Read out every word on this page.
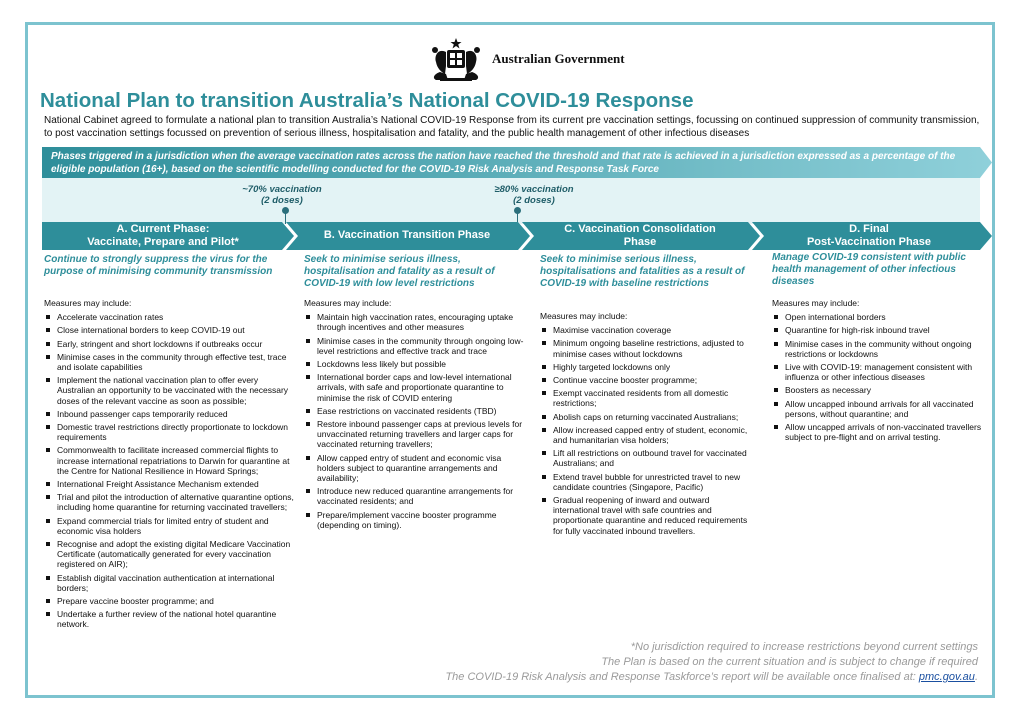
Australian Government
National Plan to transition Australia’s National COVID-19 Response
National Cabinet agreed to formulate a national plan to transition Australia’s National COVID-19 Response from its current pre vaccination settings, focussing on continued suppression of community transmission, to post vaccination settings focussed on prevention of serious illness, hospitalisation and fatality, and the public health management of other infectious diseases
Phases triggered in a jurisdiction when the average vaccination rates across the nation have reached the threshold and that rate is achieved in a jurisdiction expressed as a percentage of the eligible population (16+), based on the scientific modelling conducted for the COVID-19 Risk Analysis and Response Task Force
~70% vaccination
(2 doses)
≥80% vaccination
(2 doses)
A. Current Phase:
Vaccinate, Prepare and Pilot*
B. Vaccination Transition Phase	C. Vaccination Consolidation
Phase
D. Final
Post-Vaccination Phase
Continue to strongly suppress the virus for the purpose of minimising community transmission
Seek to minimise serious illness, hospitalisation and fatality as a result of COVID-19 with low level restrictions
Seek to minimise serious illness, hospitalisations and fatalities as a result of COVID-19 with baseline restrictions
Manage COVID-19 consistent with public health management of other infectious diseases
Measures may include:
Accelerate vaccination rates
Close international borders to keep COVID-19 out
Early, stringent and short lockdowns if outbreaks occur
Minimise cases in the community through effective test, trace and isolate capabilities
Implement the national vaccination plan to offer every Australian an opportunity to be vaccinated with the necessary doses of the relevant vaccine as soon as possible;
Inbound passenger caps temporarily reduced
Domestic travel restrictions directly proportionate to lockdown requirements
Commonwealth to facilitate increased commercial flights to increase international repatriations to Darwin for quarantine at the Centre for National Resilience in Howard Springs;
International Freight Assistance Mechanism extended
Trial and pilot the introduction of alternative quarantine options, including home quarantine for returning vaccinated travellers;
Expand commercial trials for limited entry of student and economic visa holders
Recognise and adopt the existing digital Medicare Vaccination Certificate (automatically generated for every vaccination registered on AIR);
Establish digital vaccination authentication at international borders;
Prepare vaccine booster programme; and
Undertake a further review of the national hotel quarantine network.
Measures may include:
Maintain high vaccination rates, encouraging uptake through incentives and other measures
Minimise cases in the community through ongoing low-level restrictions and effective track and trace
Lockdowns less likely but possible
International border caps and low-level international arrivals, with safe and proportionate quarantine to minimise the risk of COVID entering
Ease restrictions on vaccinated residents (TBD)
Restore inbound passenger caps at previous levels for unvaccinated returning travellers and larger caps for vaccinated returning travellers;
Allow capped entry of student and economic visa holders subject to quarantine arrangements and availability;
Introduce new reduced quarantine arrangements for vaccinated residents; and
Prepare/implement vaccine booster programme (depending on timing).
Measures may include:
Maximise vaccination coverage
Minimum ongoing baseline restrictions, adjusted to minimise cases without lockdowns
Highly targeted lockdowns only
Continue vaccine booster programme;
Exempt vaccinated residents from all domestic restrictions;
Abolish caps on returning vaccinated Australians;
Allow increased capped entry of student, economic, and humanitarian visa holders;
Lift all restrictions on outbound travel for vaccinated Australians; and
Extend travel bubble for unrestricted travel to new candidate countries (Singapore, Pacific)
Gradual reopening of inward and outward international travel with safe countries and proportionate quarantine and reduced requirements for fully vaccinated inbound travellers.
Measures may include:
Open international borders
Quarantine for high-risk inbound travel
Minimise cases in the community without ongoing restrictions or lockdowns
Live with COVID-19: management consistent with influenza or other infectious diseases
Boosters as necessary
Allow uncapped inbound arrivals for all vaccinated persons, without quarantine; and
Allow uncapped arrivals of non-vaccinated travellers subject to pre-flight and on arrival testing.
*No jurisdiction required to increase restrictions beyond current settings
The Plan is based on the current situation and is subject to change if required
The COVID-19 Risk Analysis and Response Taskforce’s report will be available once finalised at: pmc.gov.au.
